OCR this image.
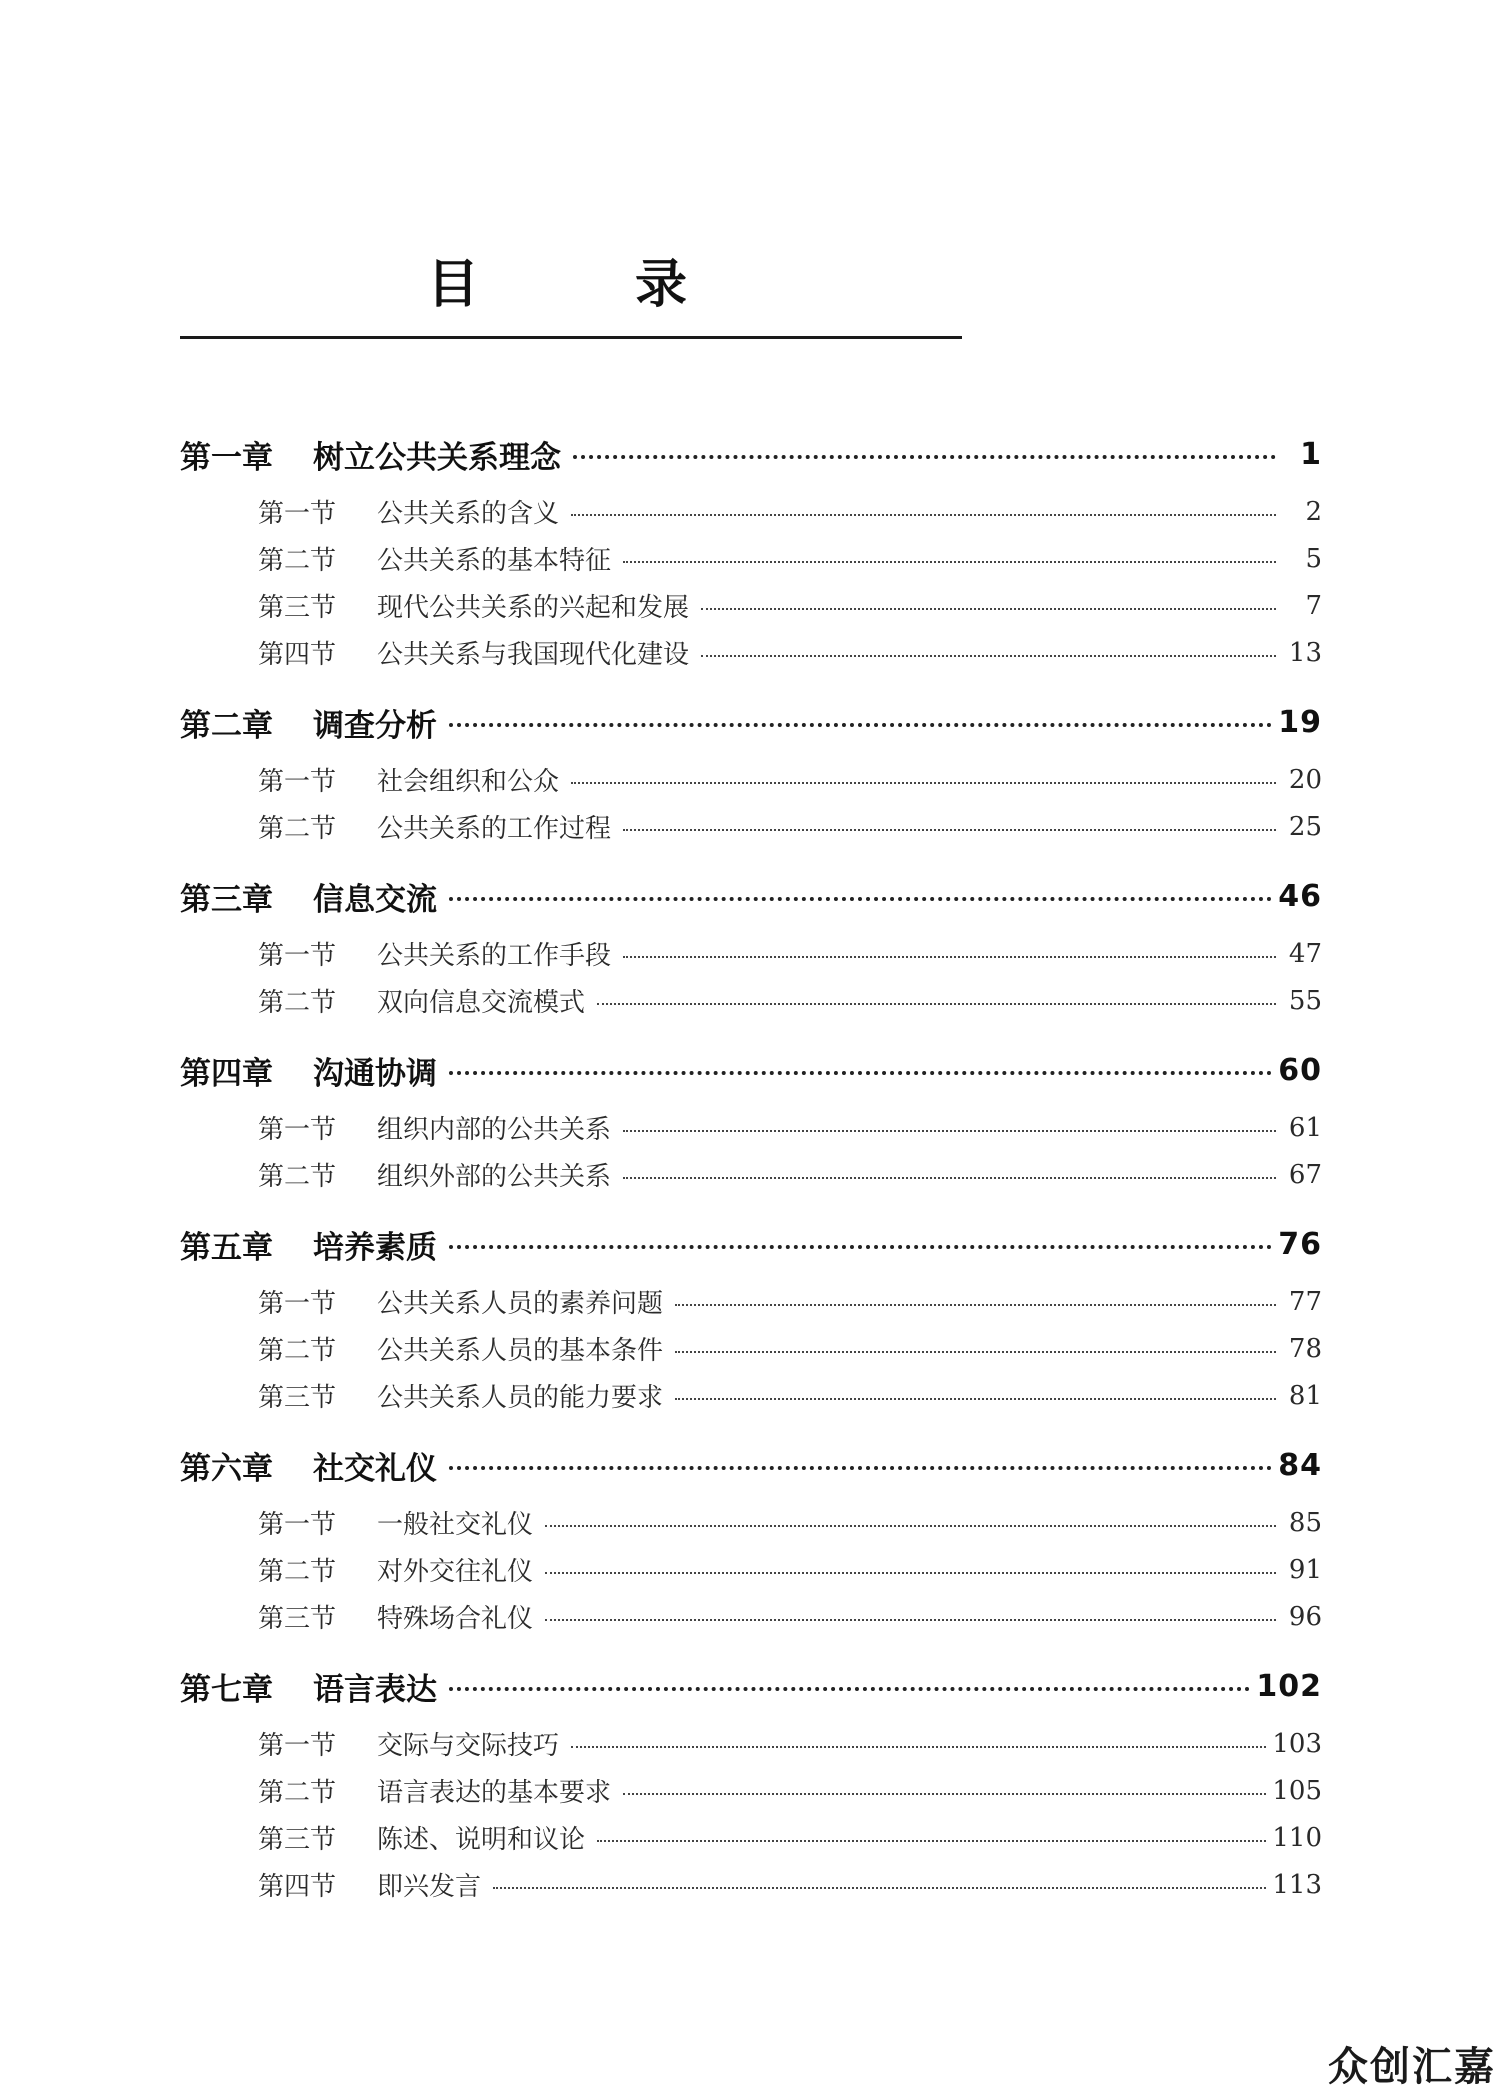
目　录
第一章	树立公共关系理念	1
第一节	公共关系的含义	2
第二节	公共关系的基本特征	5
第三节	现代公共关系的兴起和发展	7
第四节	公共关系与我国现代化建设	13
第二章	调查分析	19
第一节	社会组织和公众	20
第二节	公共关系的工作过程	25
第三章	信息交流	46
第一节	公共关系的工作手段	47
第二节	双向信息交流模式	55
第四章	沟通协调	60
第一节	组织内部的公共关系	61
第二节	组织外部的公共关系	67
第五章	培养素质	76
第一节	公共关系人员的素养问题	77
第二节	公共关系人员的基本条件	78
第三节	公共关系人员的能力要求	81
第六章	社交礼仪	84
第一节	一般社交礼仪	85
第二节	对外交往礼仪	91
第三节	特殊场合礼仪	96
第七章	语言表达	102
第一节	交际与交际技巧	103
第二节	语言表达的基本要求	105
第三节	陈述、说明和议论	110
第四节	即兴发言	113
众创汇嘉
